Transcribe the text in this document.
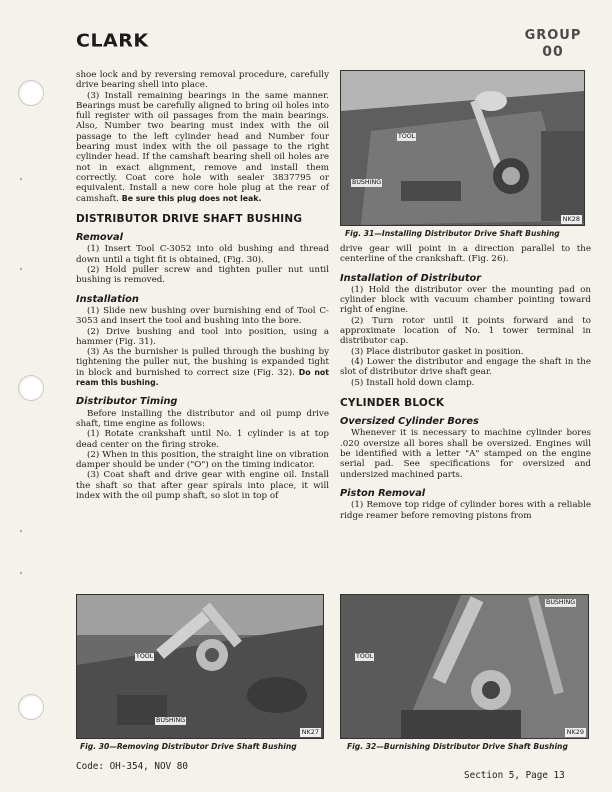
CLARK	GROUP
00

shoe lock and by reversing removal procedure, carefully drive bearing shell into place.

(3) Install remaining bearings in the same manner. Bearings must be carefully aligned to bring oil holes into full register with oil passages from the main bearings. Also, Number two bearing must index with the oil passage to the left cylinder head and Number four bearing must index with the oil passage to the right cylinder head. If the camshaft bearing shell oil holes are not in exact alignment, remove and install them correctly. Coat core hole with sealer 3837795 or equivalent. Install a new core hole plug at the rear of camshaft. Be sure this plug does not leak.

DISTRIBUTOR DRIVE SHAFT BUSHING
Removal

(1) Insert Tool C-3052 into old bushing and thread down until a tight fit is obtained, (Fig. 30).

(2) Hold puller screw and tighten puller nut until bushing is removed.

Installation

(1) Slide new bushing over burnishing end of Tool C-3053 and insert the tool and bushing into the bore.

(2) Drive bushing and tool into position, using a hammer (Fig. 31).

(3) As the burnisher is pulled through the bushing by tightening the puller nut, the bushing is expanded tight in block and burnished to correct size (Fig. 32). Do not ream this bushing.

Distributor Timing

Before installing the distributor and oil pump drive shaft, time engine as follows:

(1) Rotate crankshaft until No. 1 cylinder is at top dead center on the firing stroke.

(2) When in this position, the straight line on vibration damper should be under ("O") on the timing indicator.

(3) Coat shaft and drive gear with engine oil. Install the shaft so that after gear spirals into place, it will index with the oil pump shaft, so slot in top of

TOOL
BUSHING
NK28
Fig. 31—Installing Distributor Drive Shaft Bushing

drive gear will point in a direction parallel to the centerline of the crankshaft. (Fig. 26).

Installation of Distributor

(1) Hold the distributor over the mounting pad on cylinder block with vacuum chamber pointing toward right of engine.

(2) Turn rotor until it points forward and to approximate location of No. 1 tower terminal in distributor cap.

(3) Place distributor gasket in position.

(4) Lower the distributor and engage the shaft in the slot of distributor drive shaft gear.

(5) Install hold down clamp.

CYLINDER BLOCK
Oversized Cylinder Bores

Whenever it is necessary to machine cylinder bores .020 oversize all bores shall be oversized. Engines will be identified with a letter "A" stamped on the engine serial pad. See specifications for oversized and undersized machined parts.

Piston Removal

(1) Remove top ridge of cylinder bores with a reliable ridge reamer before removing pistons from

TOOL
BUSHING
NK27
Fig. 30—Removing Distributor Drive Shaft Bushing
BUSHING
TOOL
NK29
Fig. 32—Burnishing Distributor Drive Shaft Bushing
Code: OH-354, NOV 80
Section 5, Page 13
